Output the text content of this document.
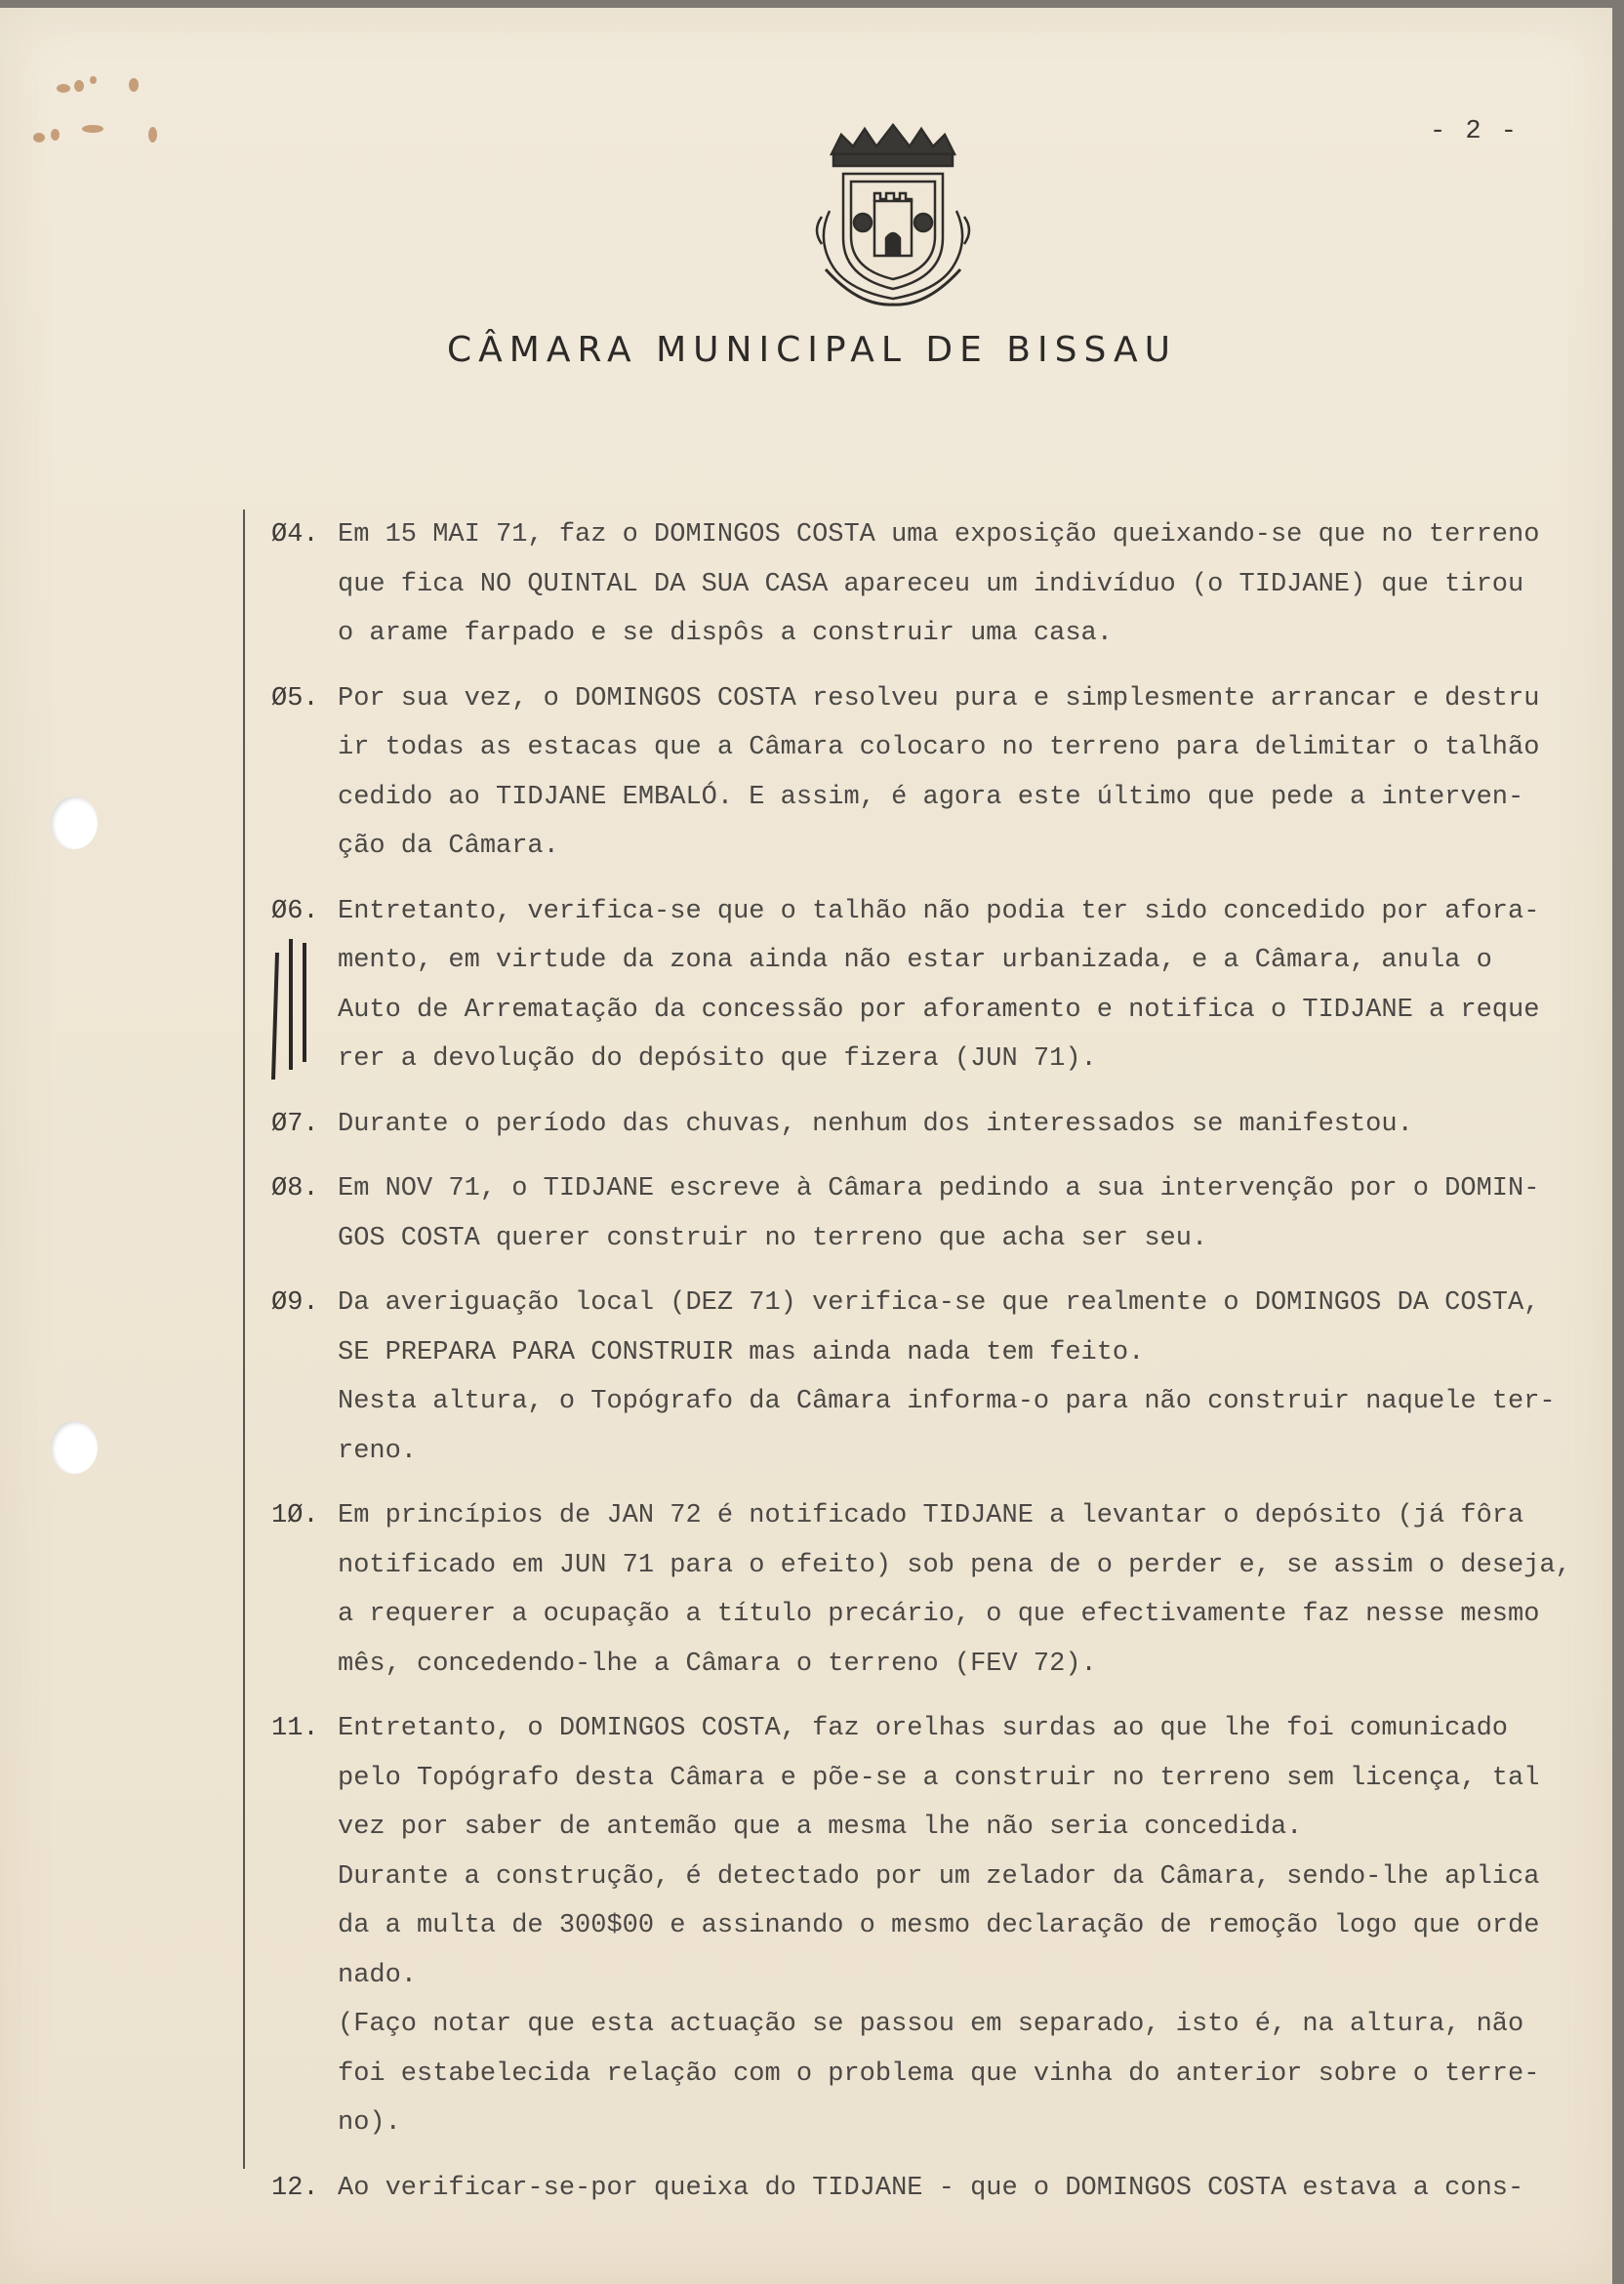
- 2 -
CÂMARA MUNICIPAL DE BISSAU
Ø4. Em 15 MAI 71, faz o DOMINGOS COSTA uma exposição queixando-se que no terreno
que fica NO QUINTAL DA SUA CASA apareceu um indivíduo (o TIDJANE) que tirou
o arame farpado e se dispôs a construir uma casa.
Ø5. Por sua vez, o DOMINGOS COSTA resolveu pura e simplesmente arrancar e destru
ir todas as estacas que a Câmara colocaro no terreno para delimitar o talhão
cedido ao TIDJANE EMBALÓ. E assim, é agora este último que pede a interven-
ção da Câmara.
Ø6. Entretanto, verifica-se que o talhão não podia ter sido concedido por afora-
mento, em virtude da zona ainda não estar urbanizada, e a Câmara, anula o
Auto de Arrematação da concessão por aforamento e notifica o TIDJANE a reque
rer a devolução do depósito que fizera (JUN 71).
Ø7. Durante o período das chuvas, nenhum dos interessados se manifestou.
Ø8. Em NOV 71, o TIDJANE escreve à Câmara pedindo a sua intervenção por o DOMIN-
GOS COSTA querer construir no terreno que acha ser seu.
Ø9. Da averiguação local (DEZ 71) verifica-se que realmente o DOMINGOS DA COSTA,
SE PREPARA PARA CONSTRUIR mas ainda nada tem feito.
Nesta altura, o Topógrafo da Câmara informa-o para não construir naquele ter-
reno.
1Ø. Em princípios de JAN 72 é notificado TIDJANE a levantar o depósito (já fôra
notificado em JUN 71 para o efeito) sob pena de o perder e, se assim o deseja,
a requerer a ocupação a título precário, o que efectivamente faz nesse mesmo
mês, concedendo-lhe a Câmara o terreno (FEV 72).
11. Entretanto, o DOMINGOS COSTA, faz orelhas surdas ao que lhe foi comunicado
pelo Topógrafo desta Câmara e põe-se a construir no terreno sem licença, tal
vez por saber de antemão que a mesma lhe não seria concedida.
Durante a construção, é detectado por um zelador da Câmara, sendo-lhe aplica
da a multa de 300$00 e assinando o mesmo declaração de remoção logo que orde
nado.
(Faço notar que esta actuação se passou em separado, isto é, na altura, não
foi estabelecida relação com o problema que vinha do anterior sobre o terre-
no).
12. Ao verificar-se-por queixa do TIDJANE - que o DOMINGOS COSTA estava a cons-
